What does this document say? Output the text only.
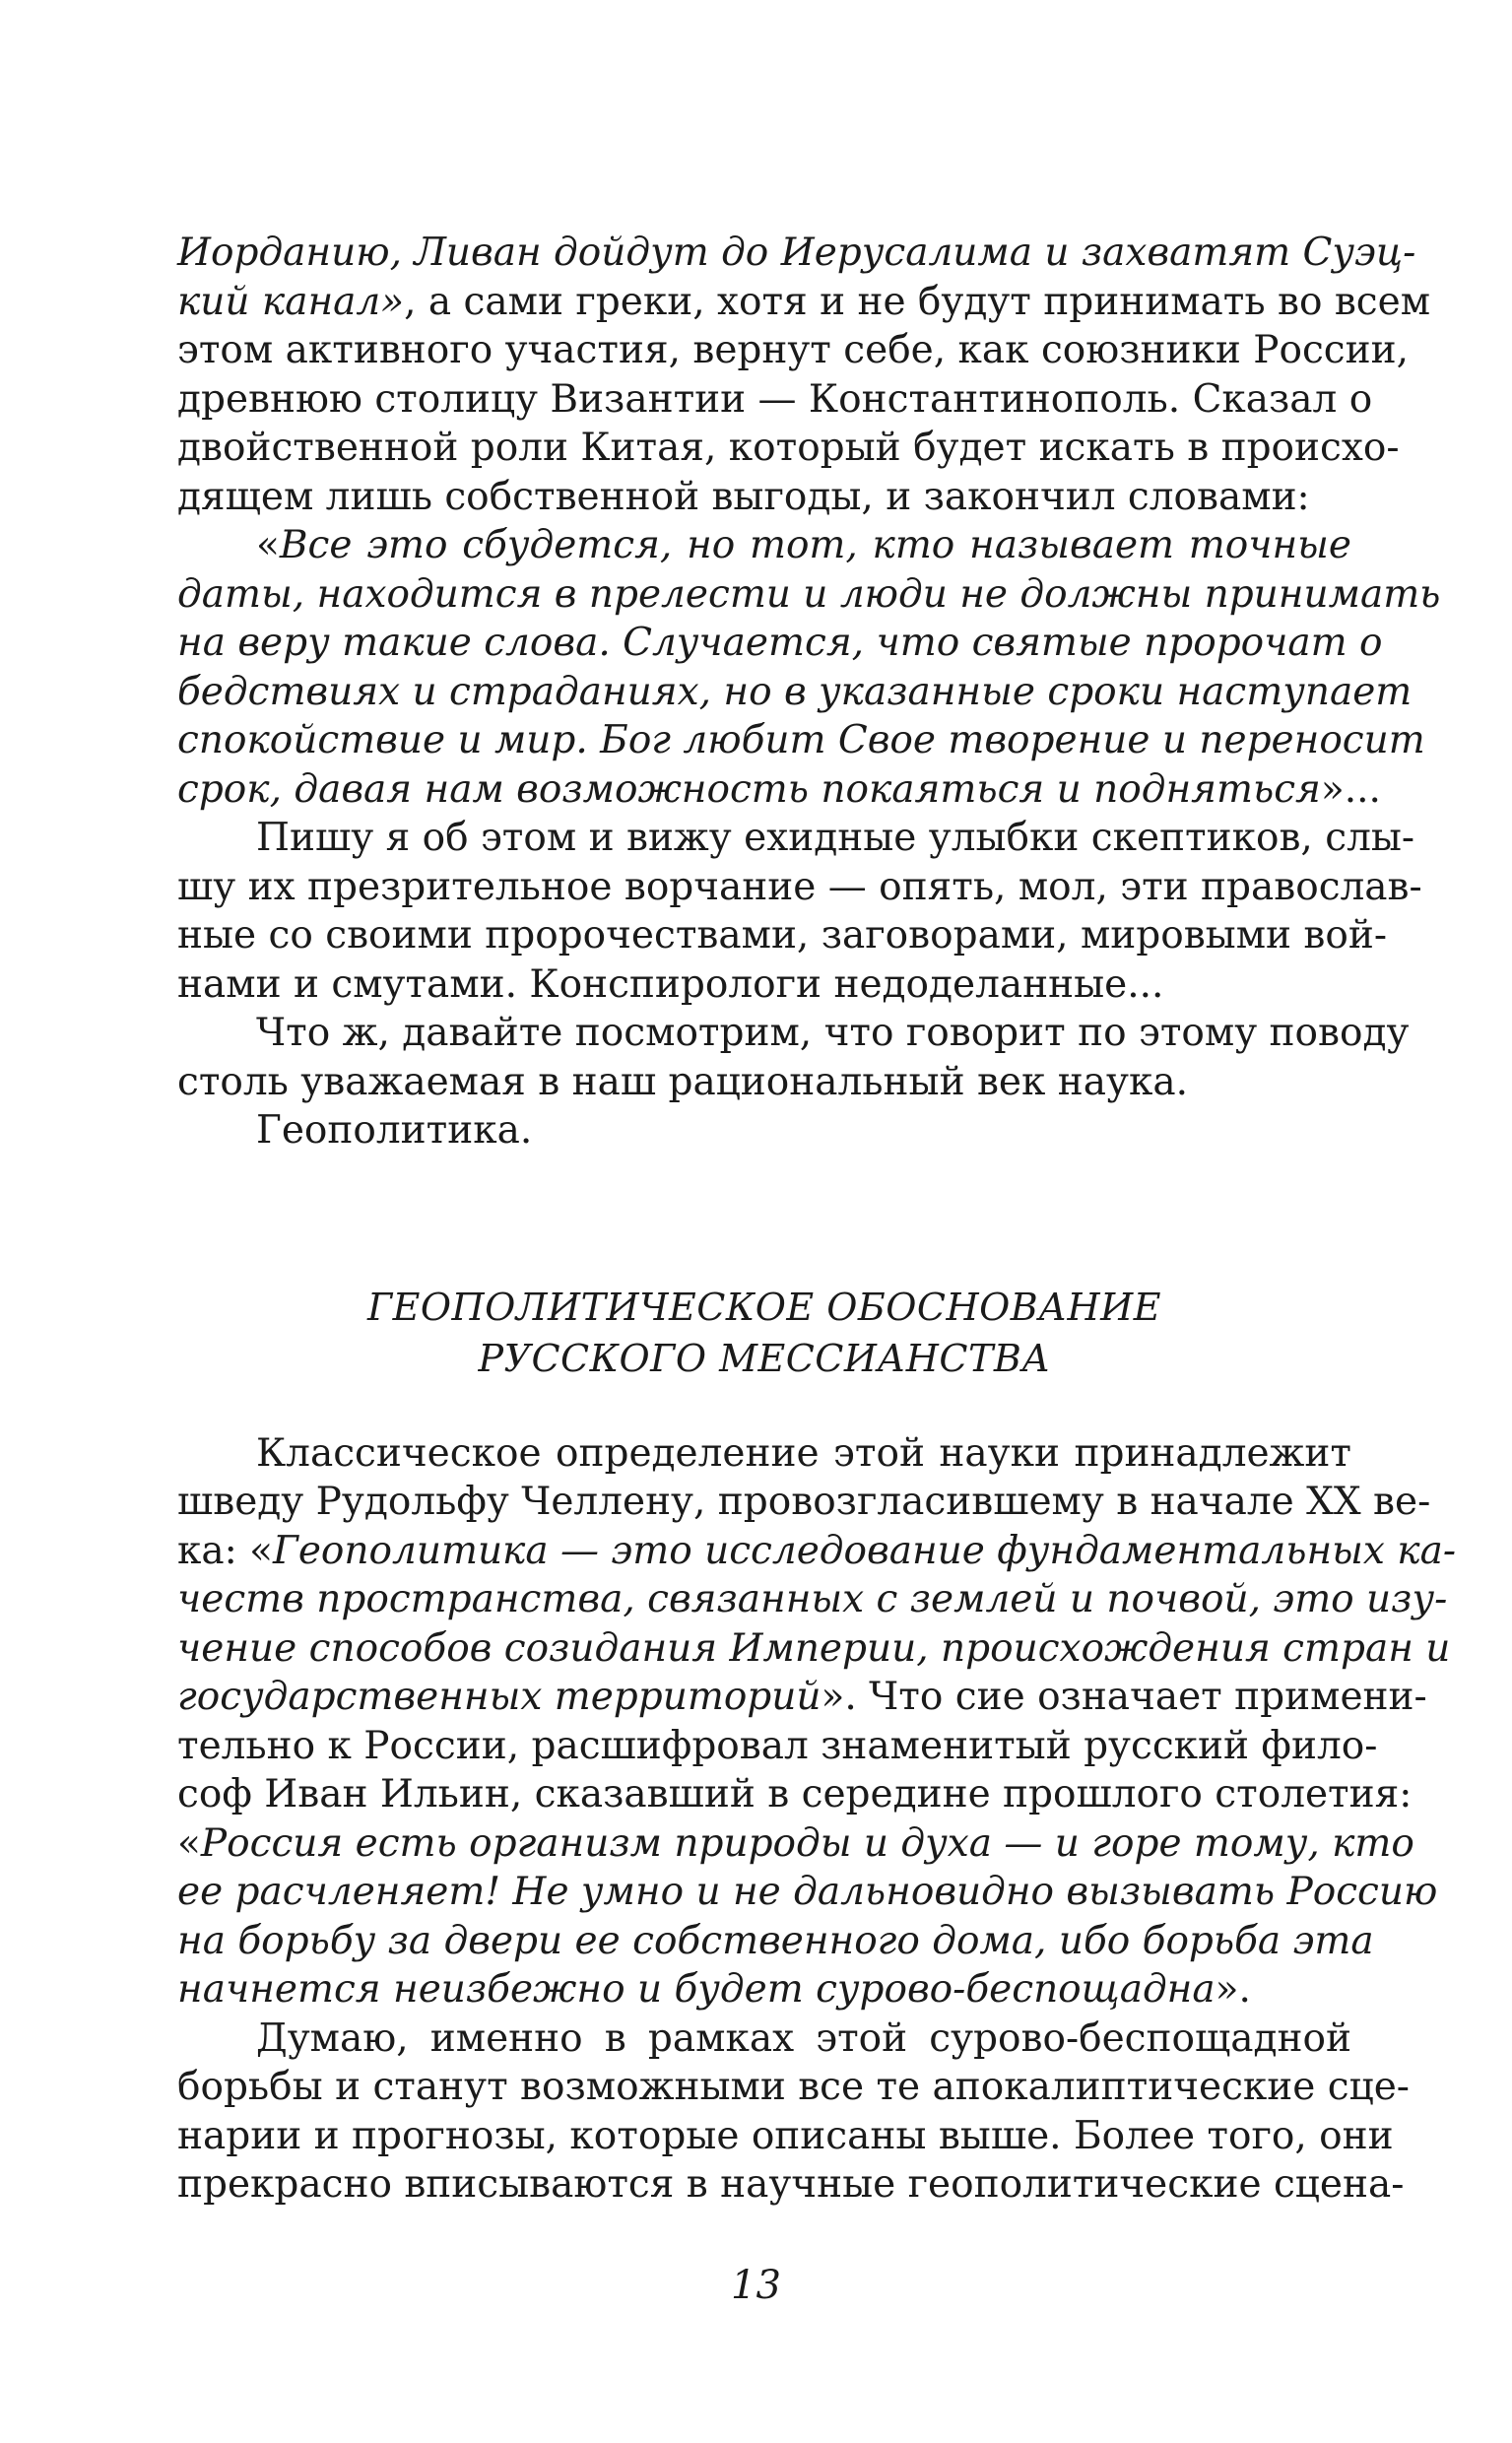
Иорданию, Ливан дойдут до Иерусалима и захватят Суэц-
кий канал», а сами греки, хотя и не будут принимать во всем
этом активного участия, вернут себе, как союзники России,
древнюю столицу Византии — Константинополь. Сказал о
двойственной роли Китая, который будет искать в происхо-
дящем лишь собственной выгоды, и закончил словами:
«Все это сбудется, но тот, кто называет точные
даты, находится в прелести и люди не должны принимать
на веру такие слова. Случается, что святые пророчат о
бедствиях и страданиях, но в указанные сроки наступает
спокойствие и мир. Бог любит Свое творение и переносит
срок, давая нам возможность покаяться и подняться»...
Пишу я об этом и вижу ехидные улыбки скептиков, слы-
шу их презрительное ворчание — опять, мол, эти православ-
ные со своими пророчествами, заговорами, мировыми вой-
нами и смутами. Конспирологи недоделанные...
Что ж, давайте посмотрим, что говорит по этому поводу
столь уважаемая в наш рациональный век наука.
Геополитика.
ГЕОПОЛИТИЧЕСКОЕ ОБОСНОВАНИЕ
РУССКОГО МЕССИАНСТВА
Классическое определение этой науки принадлежит
шведу Рудольфу Челлену, провозгласившему в начале XX ве-
ка: «Геополитика — это исследование фундаментальных ка-
честв пространства, связанных с землей и почвой, это изу-
чение способов созидания Империи, происхождения стран и
государственных территорий». Что сие означает примени-
тельно к России, расшифровал знаменитый русский фило-
соф Иван Ильин, сказавший в середине прошлого столетия:
«Россия есть организм природы и духа — и горе тому, кто
ее расчленяет! Не умно и не дальновидно вызывать Россию
на борьбу за двери ее собственного дома, ибо борьба эта
начнется неизбежно и будет сурово-беспощадна».
Думаю, именно в рамках этой сурово-беспощадной
борьбы и станут возможными все те апокалиптические сце-
нарии и прогнозы, которые описаны выше. Более того, они
прекрасно вписываются в научные геополитические сцена-
13
